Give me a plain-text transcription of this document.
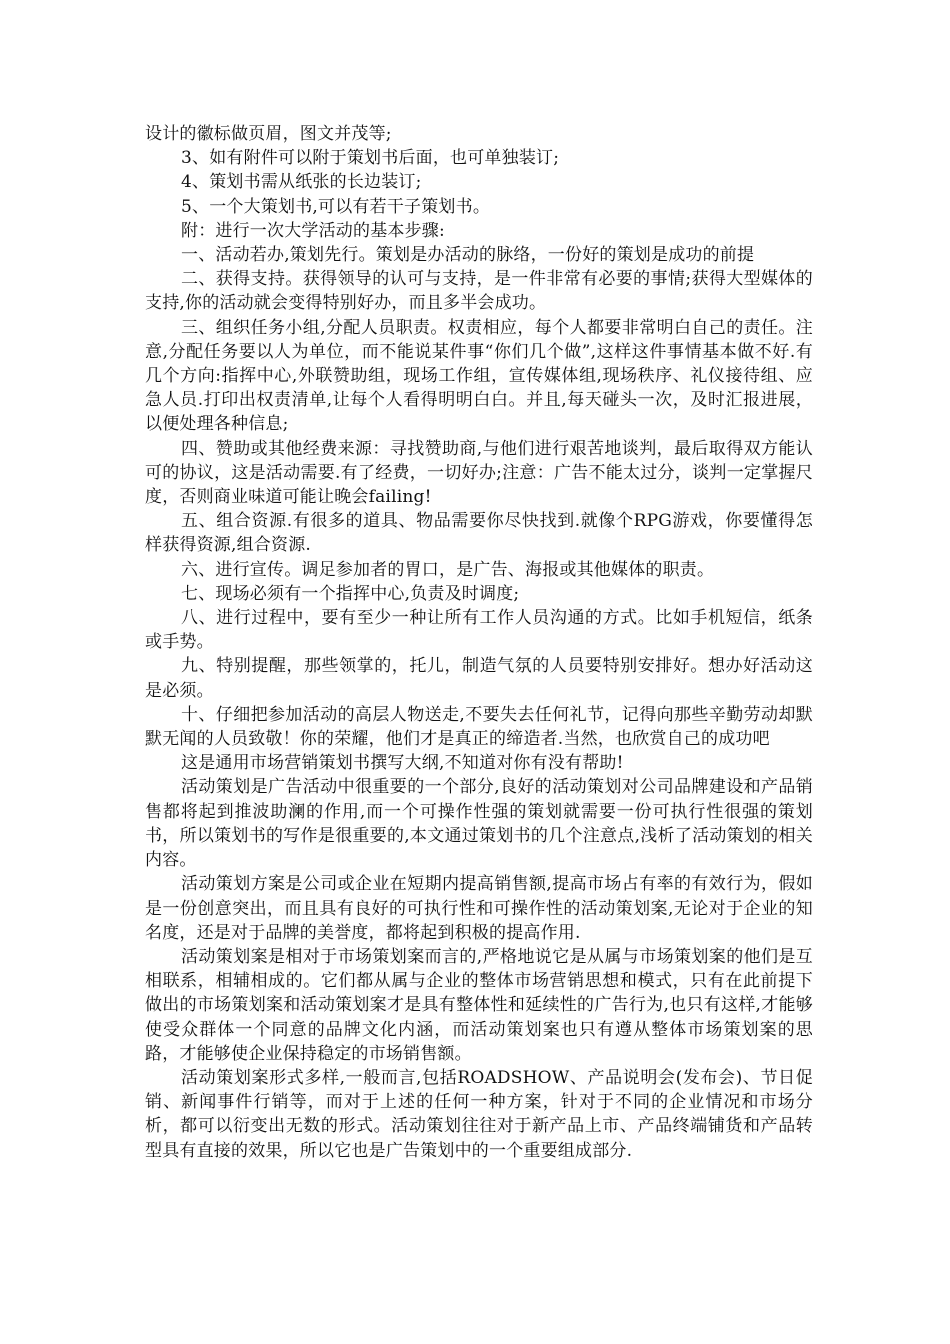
设计的徽标做页眉，图文并茂等;

3、如有附件可以附于策划书后面，也可单独装订;

4、策划书需从纸张的长边装订;

5、一个大策划书,可以有若干子策划书。

附：进行一次大学活动的基本步骤:

一、活动若办,策划先行。策划是办活动的脉络，一份好的策划是成功的前提

二、获得支持。获得领导的认可与支持，是一件非常有必要的事情;获得大型媒体的支持,你的活动就会变得特别好办，而且多半会成功。

三、组织任务小组,分配人员职责。权责相应，每个人都要非常明白自己的责任。注意,分配任务要以人为单位，而不能说某件事“你们几个做”,这样这件事情基本做不好.有几个方向:指挥中心,外联赞助组，现场工作组，宣传媒体组,现场秩序、礼仪接待组、应急人员.打印出权责清单,让每个人看得明明白白。并且,每天碰头一次，及时汇报进展，以便处理各种信息;

四、赞助或其他经费来源：寻找赞助商,与他们进行艰苦地谈判，最后取得双方能认可的协议，这是活动需要.有了经费，一切好办;注意：广告不能太过分，谈判一定掌握尺度，否则商业味道可能让晚会failing!

五、组合资源.有很多的道具、物品需要你尽快找到.就像个RPG游戏，你要懂得怎样获得资源,组合资源.

六、进行宣传。调足参加者的胃口，是广告、海报或其他媒体的职责。

七、现场必须有一个指挥中心,负责及时调度;

八、进行过程中，要有至少一种让所有工作人员沟通的方式。比如手机短信，纸条或手势。

九、特别提醒，那些领掌的，托儿，制造气氛的人员要特别安排好。想办好活动这是必须。

十、仔细把参加活动的高层人物送走,不要失去任何礼节，记得向那些辛勤劳动却默默无闻的人员致敬！你的荣耀，他们才是真正的缔造者.当然，也欣赏自己的成功吧

这是通用市场营销策划书撰写大纲,不知道对你有没有帮助!

活动策划是广告活动中很重要的一个部分,良好的活动策划对公司品牌建设和产品销售都将起到推波助澜的作用,而一个可操作性强的策划就需要一份可执行性很强的策划书，所以策划书的写作是很重要的,本文通过策划书的几个注意点,浅析了活动策划的相关内容。

活动策划方案是公司或企业在短期内提高销售额,提高市场占有率的有效行为，假如是一份创意突出，而且具有良好的可执行性和可操作性的活动策划案,无论对于企业的知名度，还是对于品牌的美誉度，都将起到积极的提高作用.

活动策划案是相对于市场策划案而言的,严格地说它是从属与市场策划案的他们是互相联系，相辅相成的。它们都从属与企业的整体市场营销思想和模式，只有在此前提下做出的市场策划案和活动策划案才是具有整体性和延续性的广告行为,也只有这样,才能够使受众群体一个同意的品牌文化内涵，而活动策划案也只有遵从整体市场策划案的思路，才能够使企业保持稳定的市场销售额。

活动策划案形式多样,一般而言,包括ROADSHOW、产品说明会(发布会)、节日促销、新闻事件行销等，而对于上述的任何一种方案，针对于不同的企业情况和市场分析，都可以衍变出无数的形式。活动策划往往对于新产品上市、产品终端铺货和产品转型具有直接的效果，所以它也是广告策划中的一个重要组成部分.
